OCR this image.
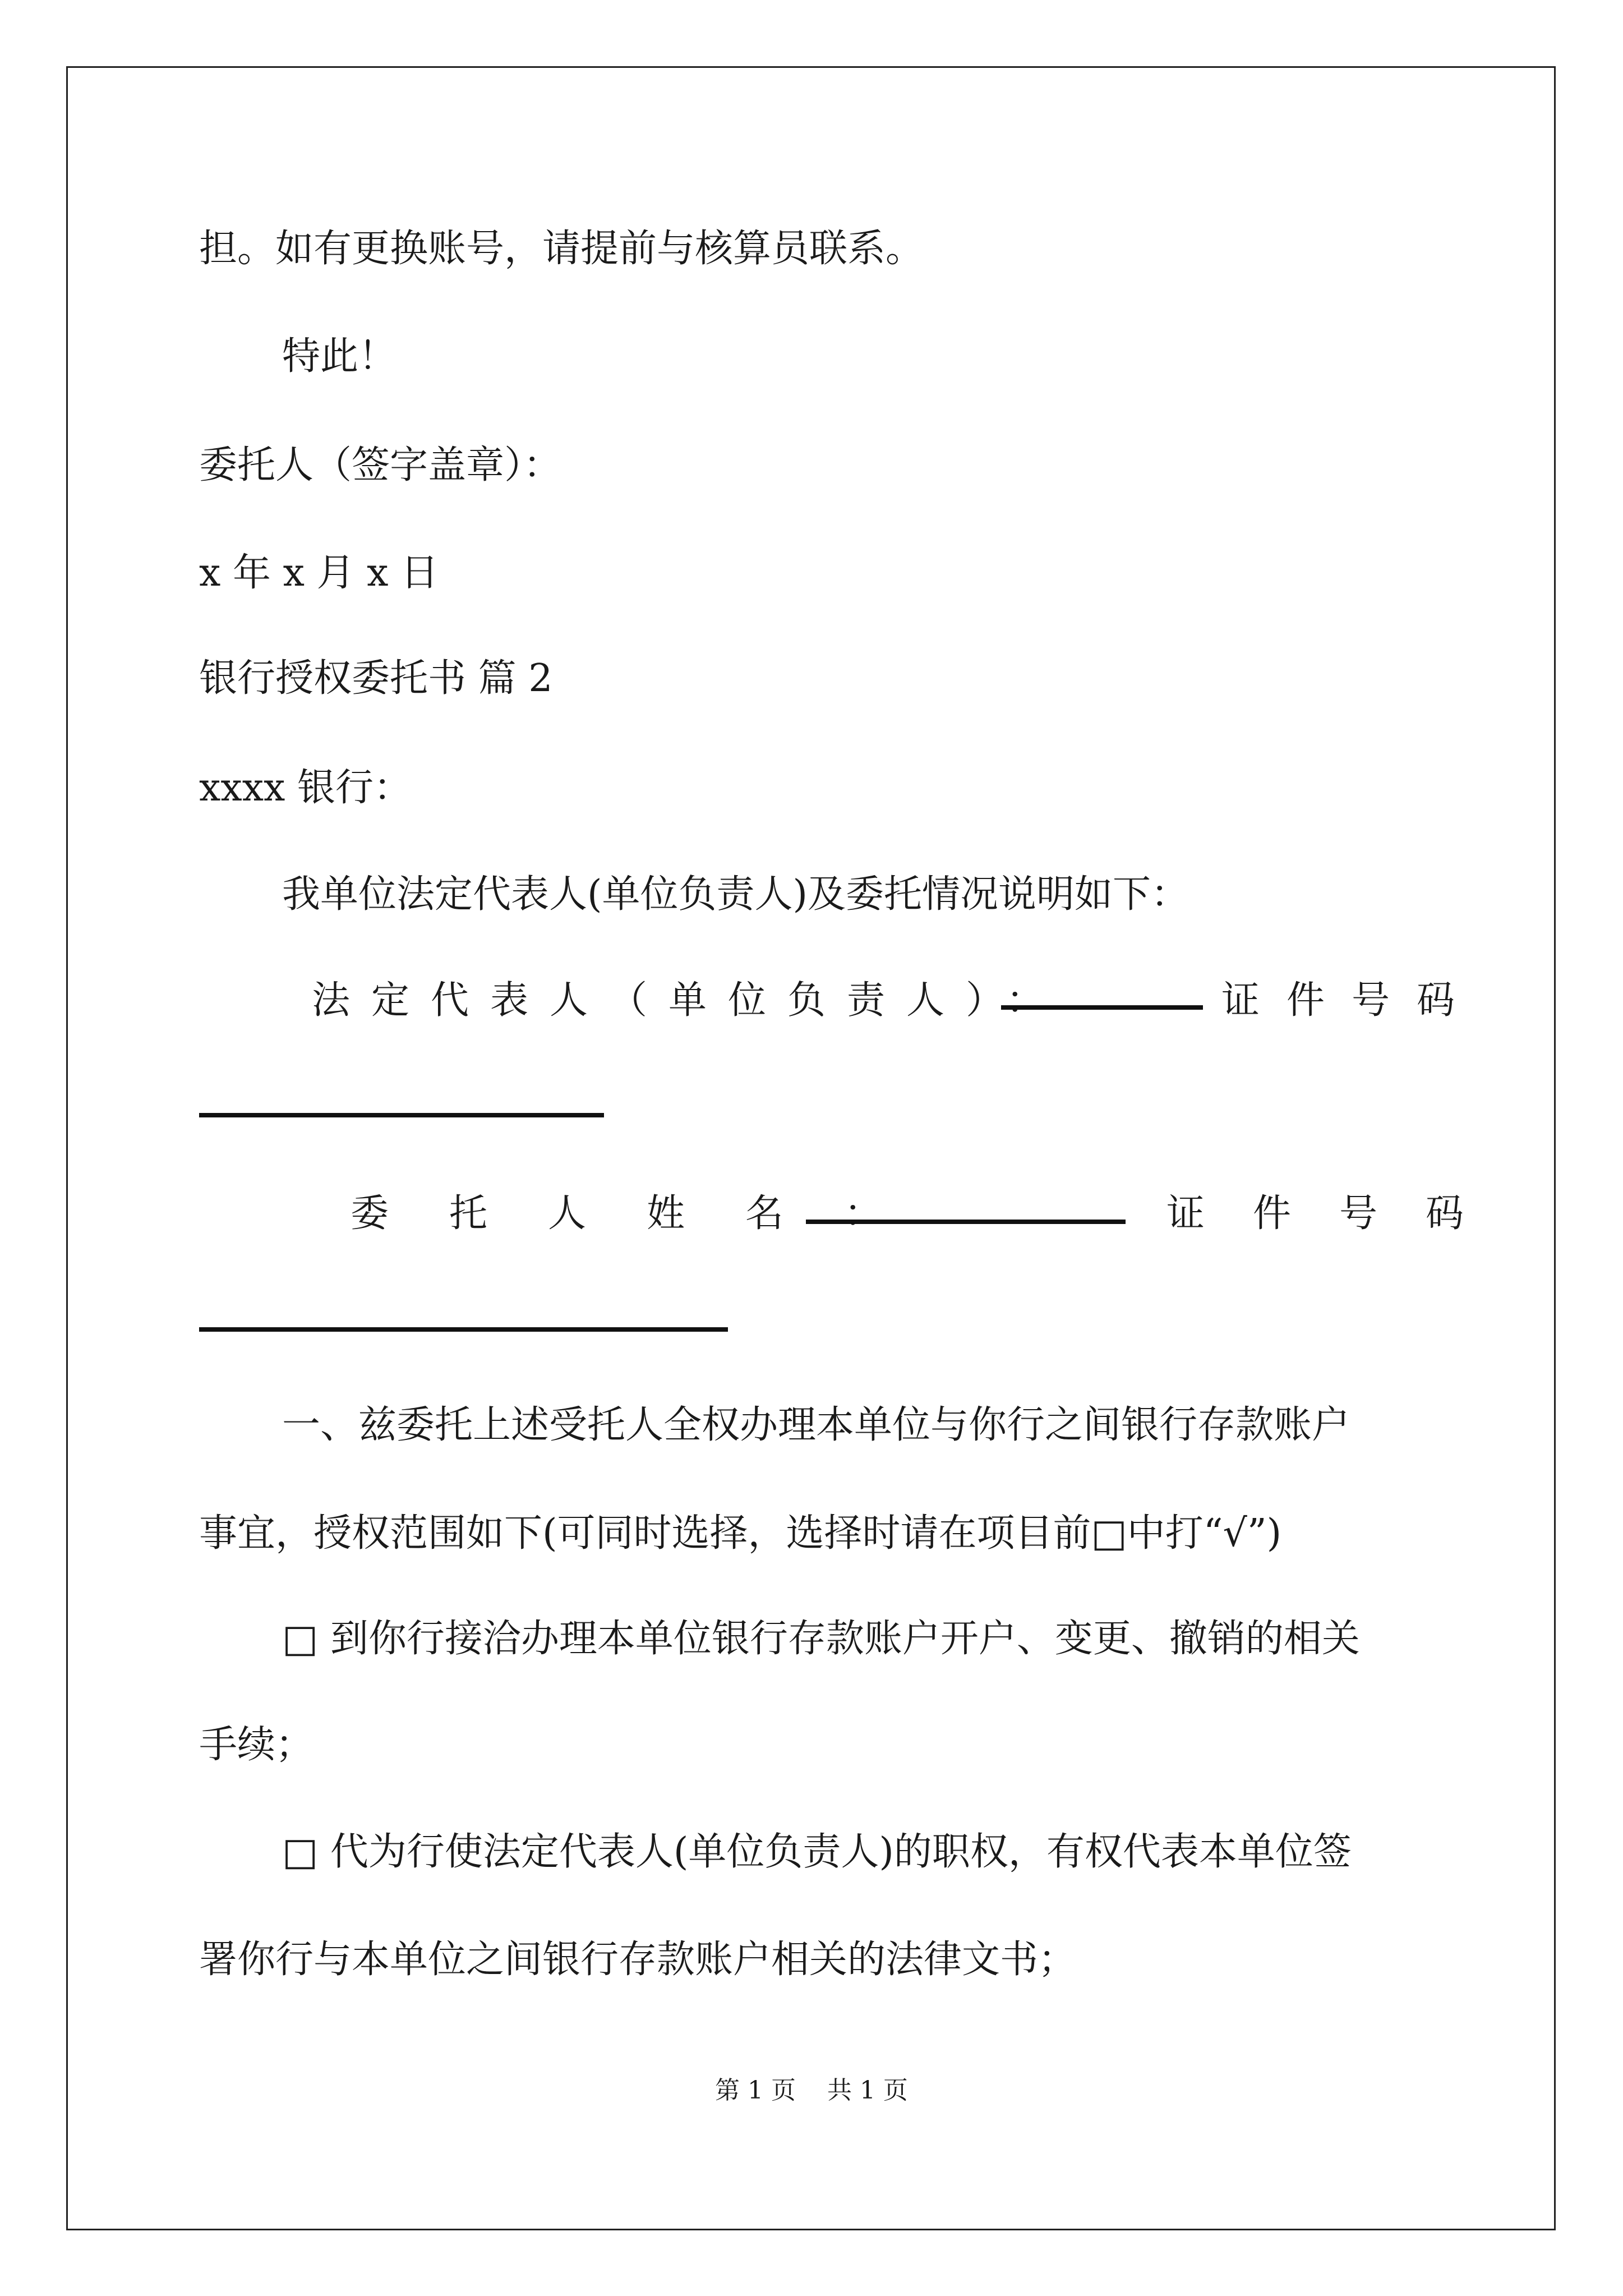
担。如有更换账号，请提前与核算员联系。
特此！
委托人（签字盖章）：
x 年 x 月 x 日
银行授权委托书 篇 2
xxxx 银行：
我单位法定代表人(单位负责人)及委托情况说明如下：
法定代表人（单位负责人）：	证件号码
委托人姓名：	证件号码
一、兹委托上述受托人全权办理本单位与你行之间银行存款账户
事宜，授权范围如下(可同时选择，选择时请在项目前□中打“√”)
□ 到你行接洽办理本单位银行存款账户开户、变更、撤销的相关
手续；
□ 代为行使法定代表人(单位负责人)的职权，有权代表本单位签
署你行与本单位之间银行存款账户相关的法律文书；
第 1 页    共 1 页
